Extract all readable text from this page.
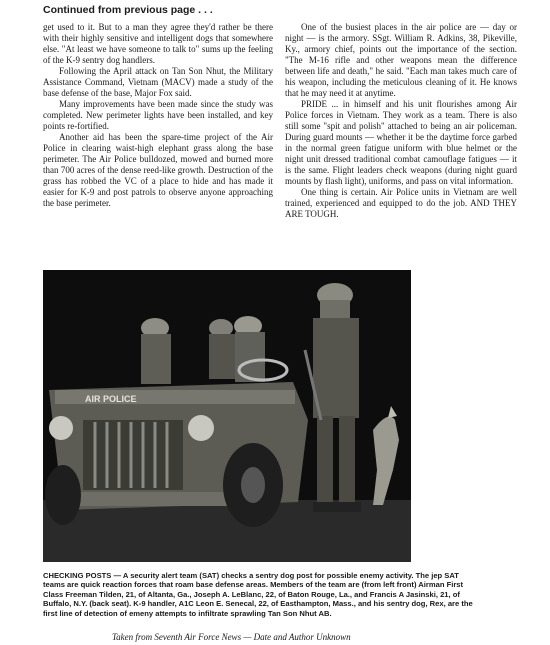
Continued from previous page . . .

get used to it. But to a man they agree they'd rather be there with their highly sensitive and intelligent dogs that somewhere else. "At least we have someone to talk to" sums up the feeling of the K-9 sentry dog handlers.

Following the April attack on Tan Son Nhut, the Military Assistance Command, Vietnam (MACV) made a study of the base defense of the base, Major Fox said.

Many improvements have been made since the study was completed. New perimeter lights have been installed, and key points re-fortified.

Another aid has been the spare-time project of the Air Police in clearing waist-high elephant grass along the base perimeter. The Air Police bulldozed, mowed and burned more than 700 acres of the dense reed-like growth. Destruction of the grass has robbed the VC of a place to hide and has made it easier for K-9 and post patrols to observe anyone approaching the base perimeter.

One of the busiest places in the air police are — day or night — is the armory. SSgt. William R. Adkins, 38, Pikeville, Ky., armory chief, points out the importance of the section. "The M-16 rifle and other weapons mean the difference between life and death," he said. "Each man takes much care of his weapon, including the meticulous cleaning of it. He knows that he may need it at anytime.

PRIDE ... in himself and his unit flourishes among Air Police forces in Vietnam. They work as a team. There is also still some "spit and polish" attached to being an air policeman. During guard mounts — whether it be the daytime force garbed in the normal green fatigue uniform with blue helmet or the night unit dressed traditional combat camouflage fatigues — it is the same. Flight leaders check weapons (during night guard mounts by flash light), uniforms, and pass on vital information.

One thing is certain. Air Police units in Vietnam are well trained, experienced and equipped to do the job. AND THEY ARE TOUGH.

AIR POLICE

CHECKING POSTS — A security alert team (SAT) checks a sentry dog post for possible enemy activity. The jep SAT teams are quick reaction forces that roam base defense areas. Members of the team are (from left front) Airman First Class Freeman Tilden, 21, of Altanta, Ga., Joseph A. LeBlanc, 22, of Baton Rouge, La., and Francis A Jasinski, 21, of Buffalo, N.Y. (back seat). K-9 handler, A1C Leon E. Senecal, 22, of Easthampton, Mass., and his sentry dog, Rex, are the first line of detection of emeny attempts to infiltrate sprawling Tan Son Nhut AB.

Taken from Seventh Air Force News — Date and Author Unknown
